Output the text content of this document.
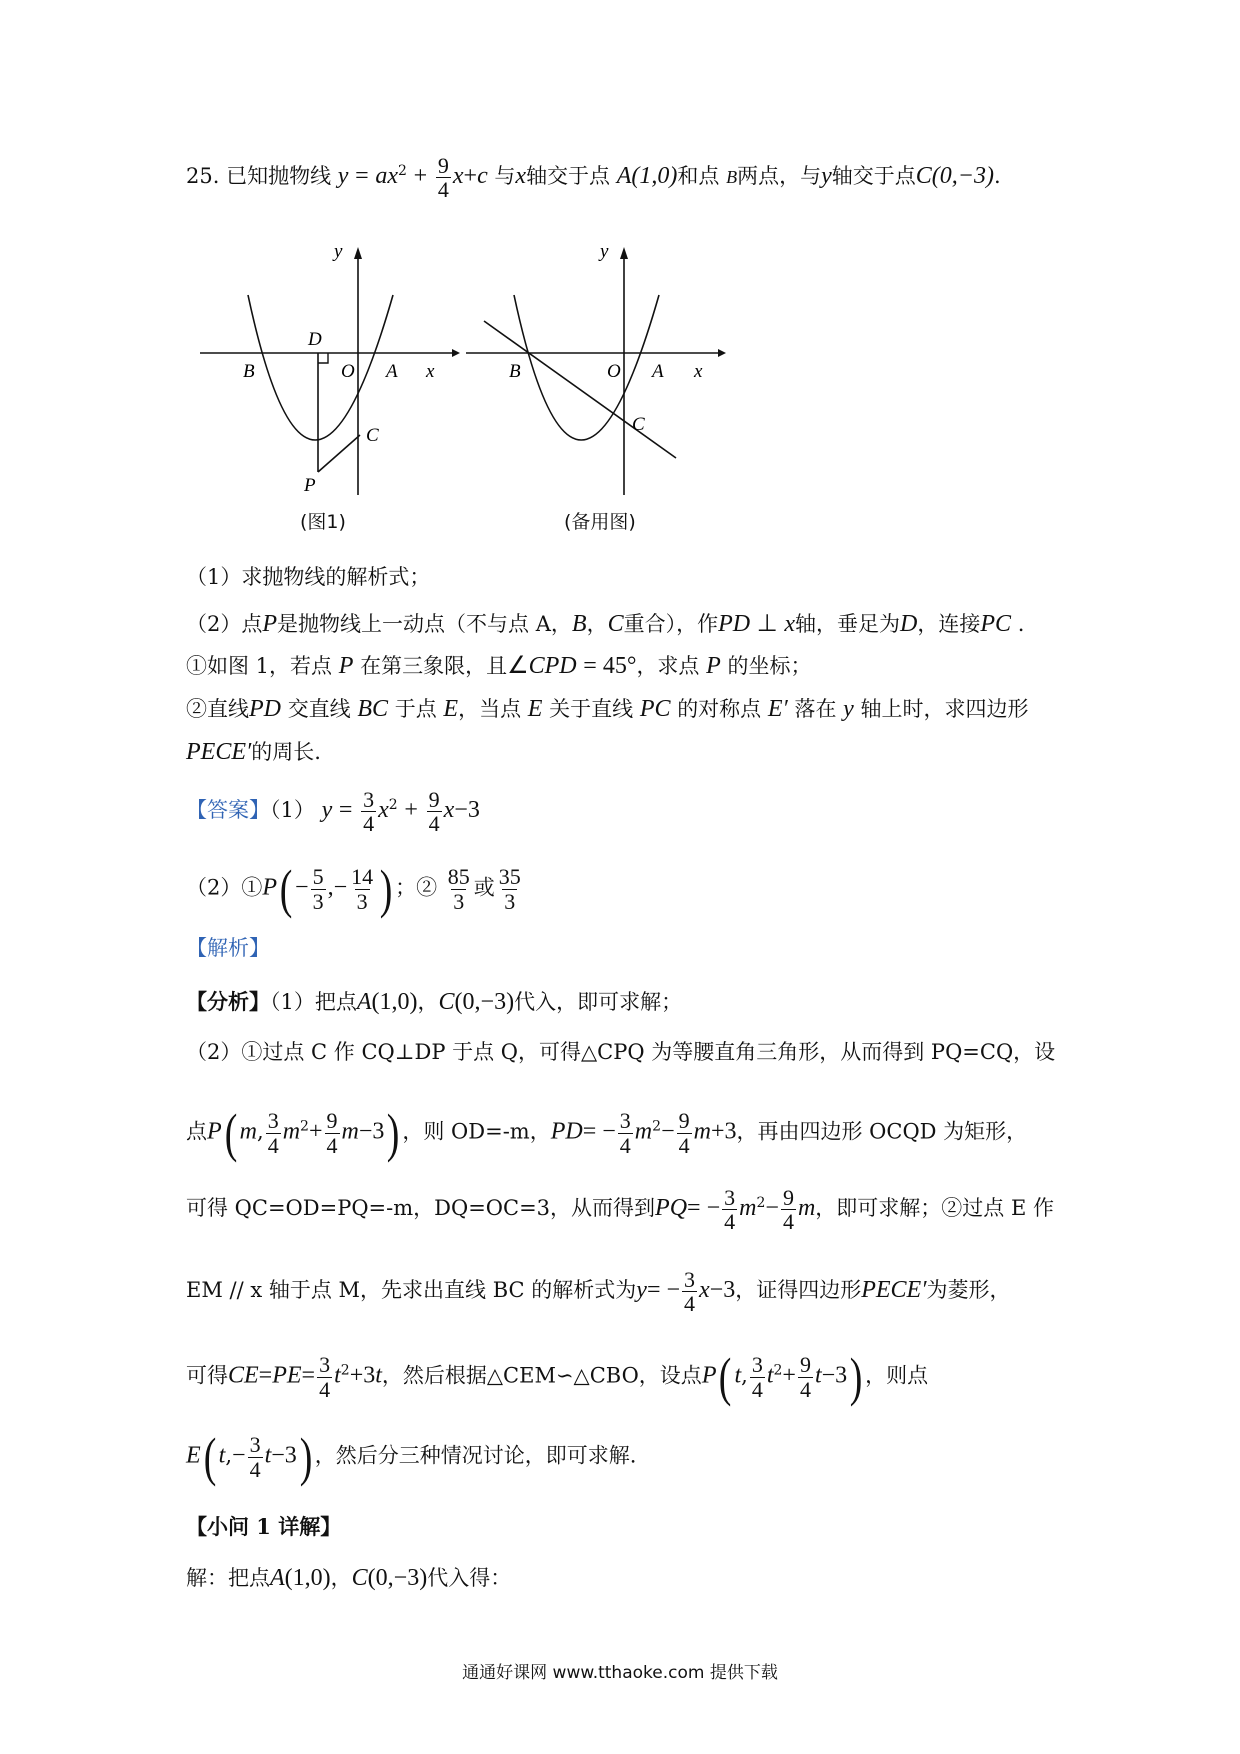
25. 已知抛物线 $y = ax^2 + \frac{9}{4} x+c$ 与x轴交于点 A(1,0)和点 B两点，与y轴交于点C(0,−3).
y
x
O A
B
C
D
P
(图1)
y
x
O A
B
C
(备用图)
（1）求抛物线的解析式；
（2）点P是抛物线上一动点（不与点 A，B，C重合），作PD ⊥ x轴，垂足为D，连接PC .
①如图 1，若点 P 在第三象限，且∠CPD = 45°，求点 P 的坐标；
②直线PD 交直线 BC 于点 E，当点 E 关于直线 PC 的对称点 E′ 落在 y 轴上时，求四边形
PECE′的周长.
【答案】（1） $y = \frac{3}{4} x^2 + \frac{9}{4} x-3$
（2）①P( − $\frac{5}{3}$ ,− $\frac{14}{3}$ ) ；② $\frac{85}{3}$ 或 $\frac{35}{3}$
【解析】
【分析】（1）把点A(1,0)，C(0,−3)代入，即可求解；
（2）①过点 C 作 CQ⊥DP 于点 Q，可得△CPQ 为等腰直角三角形，从而得到 PQ=CQ，设
点P( m, $\frac{3}{4} m^2+ \frac{9}{4} m-3$) ，则 OD=-m，$PD= - \frac{3}{4} m^2- \frac{9}{4} m+3$，再由四边形 OCQD 为矩形，
可得 QC=OD=PQ=-m，DQ=OC=3，从而得到$PQ= - \frac{3}{4} m^2- \frac{9}{4}$ m，即可求解；②过点 E 作
EM // x 轴于点 M，先求出直线 BC 的解析式为$y= - \frac{3}{4} x-3$，证得四边形PECE′为菱形，
可得$CE=PE= \frac{3}{4} t^2+3t$，然后根据△CEM∽△CBO，设点P( t, $\frac{3}{4} t^2+ \frac{9}{4} t-3$) ，则点
E( $t,- \frac{3}{4} t-3$) ，然后分三种情况讨论，即可求解.
【小问 1 详解】
解：把点A(1,0)，C(0,−3)代入得：
通通好课网 www.tthaoke.com 提供下载
